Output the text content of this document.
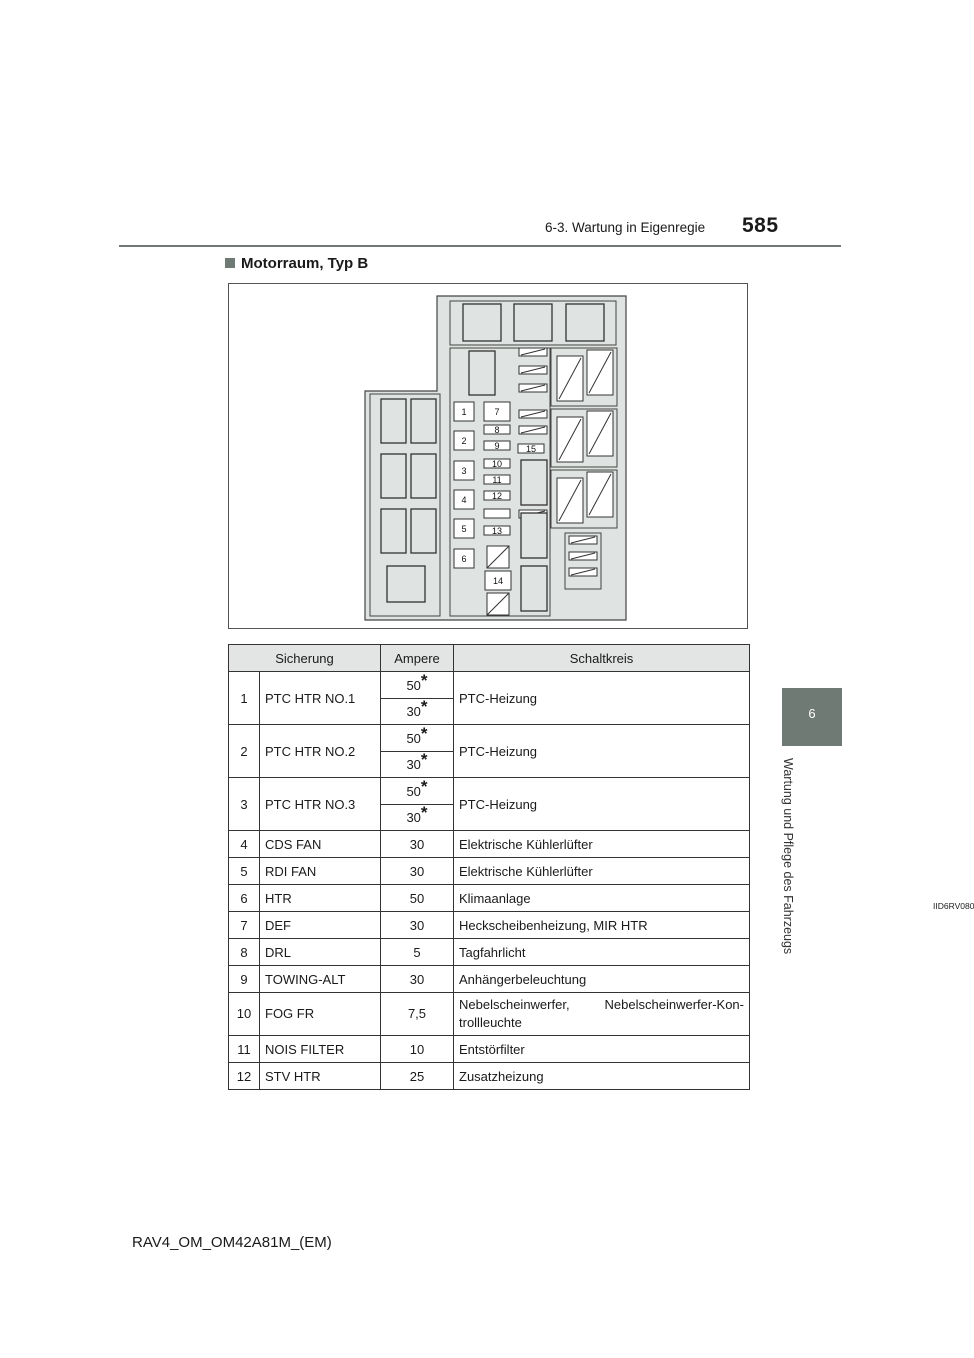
6-3. Wartung in Eigenregie 585
6
Wartung und Pflege des Fahrzeugs
Motorraum, Typ B
1
2
3
4
5
6
7
8
9
10
11
12
13
14
15
IID6RV080
Sicherung		Ampere	Schaltkreis
1	PTC HTR NO.1	50*	PTC-Heizung
		30*	
2	PTC HTR NO.2	50*	PTC-Heizung
		30*	
3	PTC HTR NO.3	50*	PTC-Heizung
		30*	
4	CDS FAN	30	Elektrische Kühlerlüfter
5	RDI FAN	30	Elektrische Kühlerlüfter
6	HTR	50	Klimaanlage
7	DEF	30	Heckscheibenheizung, MIR HTR
8	DRL	5	Tagfahrlicht
9	TOWING-ALT	30	Anhängerbeleuchtung
10	FOG FR	7,5	Nebelscheinwerfer, Nebelscheinwerfer-Kon-trollleuchte
11	NOIS FILTER	10	Entstörfilter
12	STV HTR	25	Zusatzheizung
RAV4_OM_OM42A81M_(EM)
